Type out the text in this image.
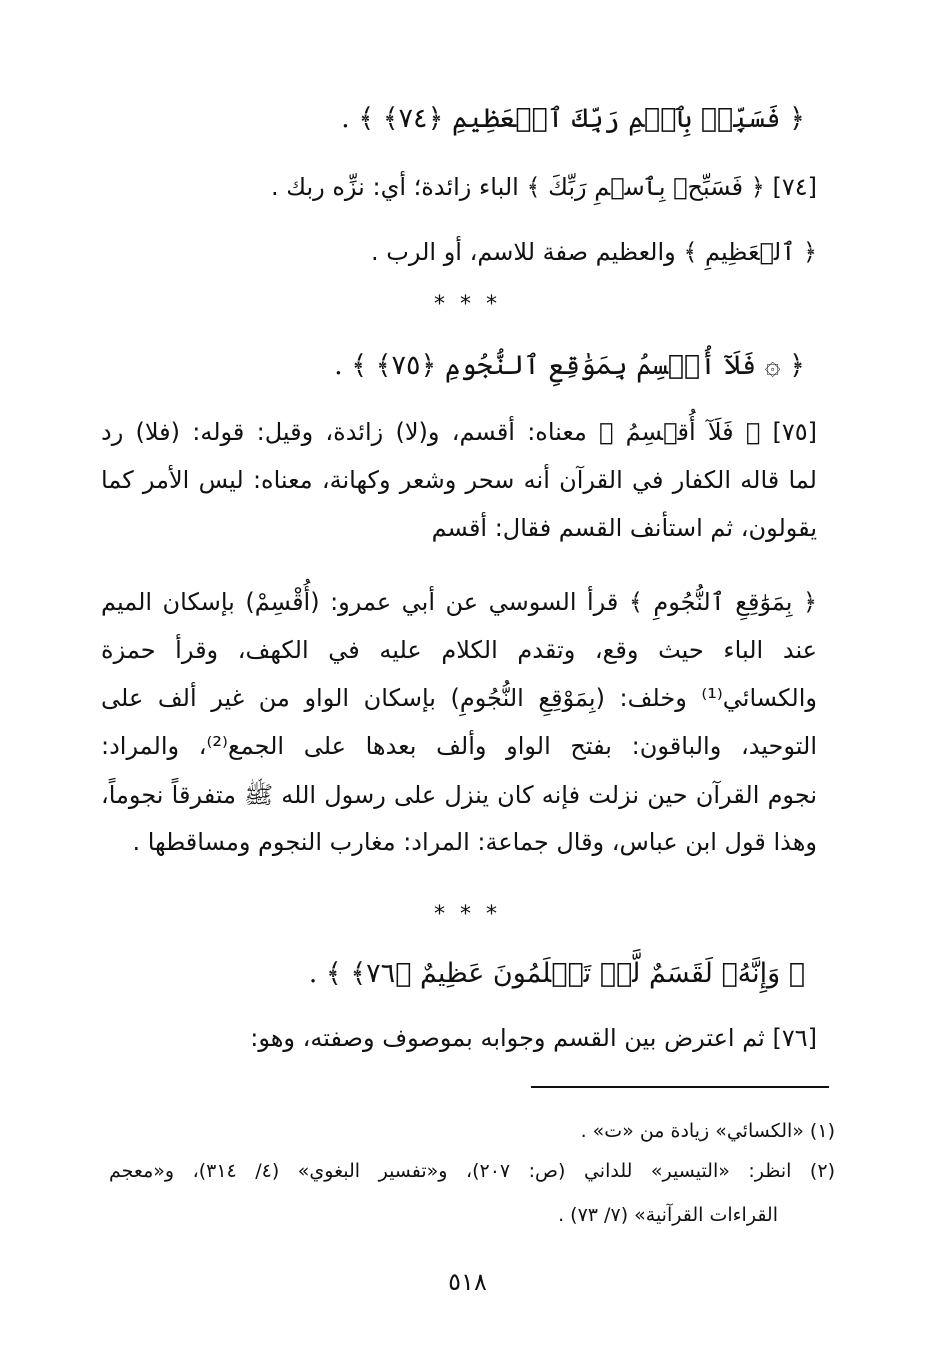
﴿ فَسَبِّحۡ بِٱسۡمِ رَبِّكَ ٱلۡعَظِيمِ ﴿٧٤﴾ ﴾ .
[٧٤] ﴿ فَسَبِّحۡ بِٱسۡمِ رَبِّكَ ﴾ الباء زائدة؛ أي: نزِّه ربك .
﴿ ٱلۡعَظِيمِ ﴾ والعظيم صفة للاسم، أو الرب .
* * *
﴿ ۞ فَلَآ أُقۡسِمُ بِمَوَٰقِعِ ٱلنُّجُومِ ﴿٧٥﴾ ﴾ .
[٧٥] ﴿ فَلَآ أُقۡسِمُ ﴾ معناه: أقسم، و(لا) زائدة، وقيل: قوله: (فلا) رد
لما قاله الكفار في القرآن أنه سحر وشعر وكهانة، معناه: ليس الأمر كما
يقولون، ثم استأنف القسم فقال: أقسم
﴿ بِمَوَٰقِعِ ٱلنُّجُومِ ﴾ قرأ السوسي عن أبي عمرو: (أُقْسِمْ) بإسكان الميم
عند الباء حيث وقع، وتقدم الكلام عليه في الكهف، وقرأ حمزة
والكسائي⁽¹⁾ وخلف: (بِمَوْقِعِ النُّجُومِ) بإسكان الواو من غير ألف على
التوحيد، والباقون: بفتح الواو وألف بعدها على الجمع⁽²⁾، والمراد:
نجوم القرآن حين نزلت فإنه كان ينزل على رسول الله ﷺ متفرقاً نجوماً،
وهذا قول ابن عباس، وقال جماعة: المراد: مغارب النجوم ومساقطها .
* * *
﴿ وَإِنَّهُۥ لَقَسَمٌ لَّوۡ تَعۡلَمُونَ عَظِيمٌ ﴿٧٦﴾ ﴾ .
[٧٦] ثم اعترض بين القسم وجوابه بموصوف وصفته، وهو:
(١) «الكسائي» زيادة من «ت» .
(٢) انظر: «التيسير» للداني (ص: ٢٠٧)، و«تفسير البغوي» (٤/ ٣١٤)، و«معجم
القراءات القرآنية» (٧/ ٧٣) .
٥١٨
